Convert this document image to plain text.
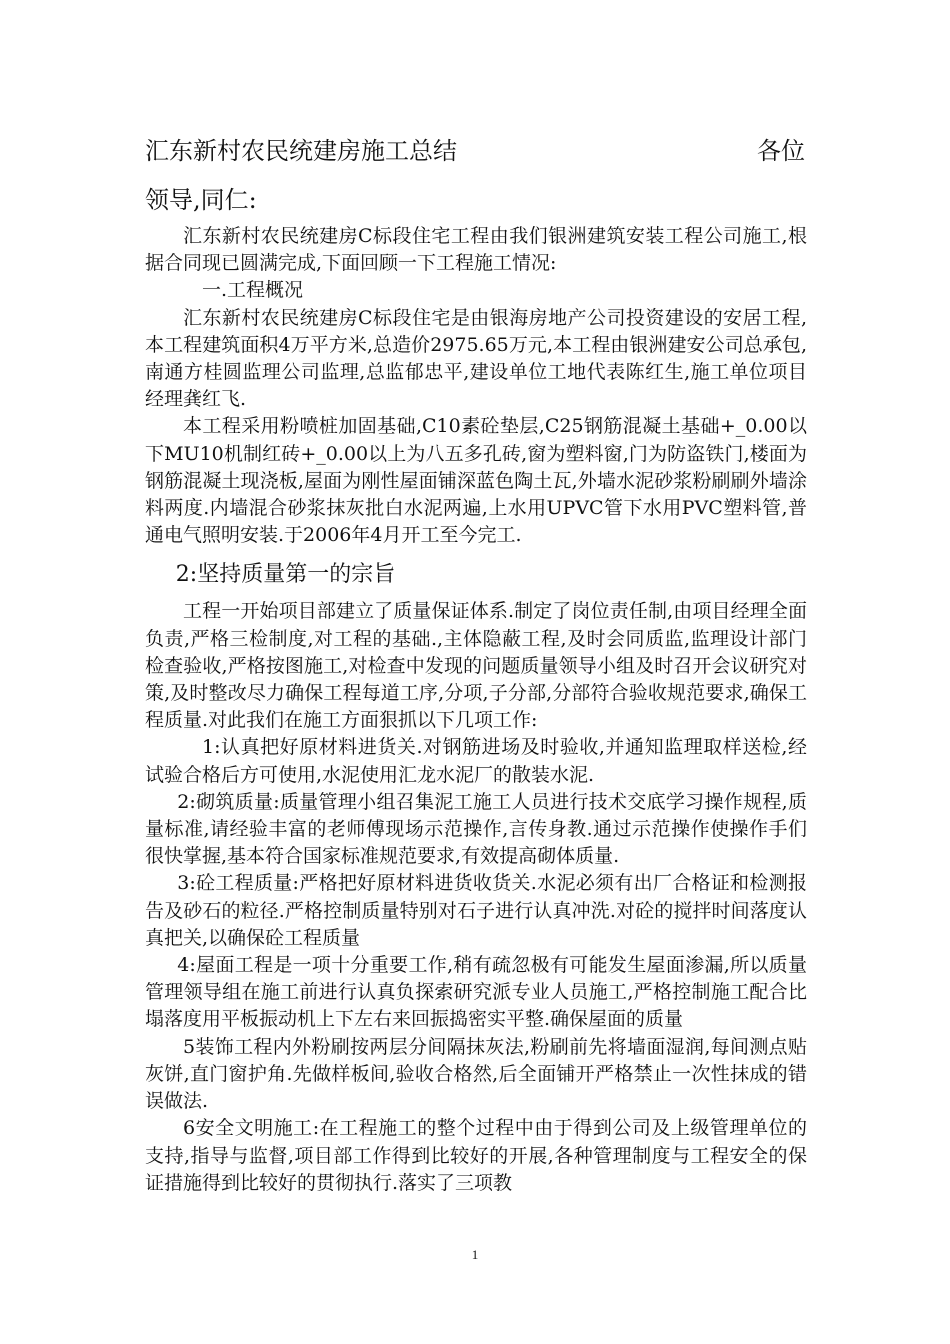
汇东新村农民统建房施工总结	各位
领导,同仁:

汇东新村农民统建房C标段住宅工程由我们银洲建筑安装工程公司施工,根据合同现已圆满完成,下面回顾一下工程施工情况:

一.工程概况

汇东新村农民统建房C标段住宅是由银海房地产公司投资建设的安居工程,本工程建筑面积4万平方米,总造价2975.65万元,本工程由银洲建安公司总承包,南通方桂圆监理公司监理,总监郁忠平,建设单位工地代表陈红生,施工单位项目经理龚红飞.

本工程采用粉喷桩加固基础,C10素砼垫层,C25钢筋混凝土基础+_0.00以下MU10机制红砖+_0.00以上为八五多孔砖,窗为塑料窗,门为防盗铁门,楼面为钢筋混凝土现浇板,屋面为刚性屋面铺深蓝色陶土瓦,外墙水泥砂浆粉刷刷外墙涂料两度.内墙混合砂浆抹灰批白水泥两遍,上水用UPVC管下水用PVC塑料管,普通电气照明安装.于2006年4月开工至今完工.

2:坚持质量第一的宗旨

工程一开始项目部建立了质量保证体系.制定了岗位责任制,由项目经理全面负责,严格三检制度,对工程的基础.,主体隐蔽工程,及时会同质监,监理设计部门检查验收,严格按图施工,对检查中发现的问题质量领导小组及时召开会议研究对策,及时整改尽力确保工程每道工序,分项,子分部,分部符合验收规范要求,确保工程质量.对此我们在施工方面狠抓以下几项工作:

1:认真把好原材料进货关.对钢筋进场及时验收,并通知监理取样送检,经试验合格后方可使用,水泥使用汇龙水泥厂的散装水泥.

2:砌筑质量:质量管理小组召集泥工施工人员进行技术交底学习操作规程,质量标准,请经验丰富的老师傅现场示范操作,言传身教.通过示范操作使操作手们很快掌握,基本符合国家标准规范要求,有效提高砌体质量.

3:砼工程质量:严格把好原材料进货收货关.水泥必须有出厂合格证和检测报告及砂石的粒径.严格控制质量特别对石子进行认真冲洗.对砼的搅拌时间落度认真把关,以确保砼工程质量

4:屋面工程是一项十分重要工作,稍有疏忽极有可能发生屋面渗漏,所以质量管理领导组在施工前进行认真负探索研究派专业人员施工,严格控制施工配合比塌落度用平板振动机上下左右来回振捣密实平整.确保屋面的质量

5装饰工程内外粉刷按两层分间隔抹灰法,粉刷前先将墙面湿润,每间测点贴灰饼,直门窗护角.先做样板间,验收合格然,后全面铺开严格禁止一次性抹成的错误做法.

6安全文明施工:在工程施工的整个过程中由于得到公司及上级管理单位的支持,指导与监督,项目部工作得到比较好的开展,各种管理制度与工程安全的保证措施得到比较好的贯彻执行.落实了三项教

1
